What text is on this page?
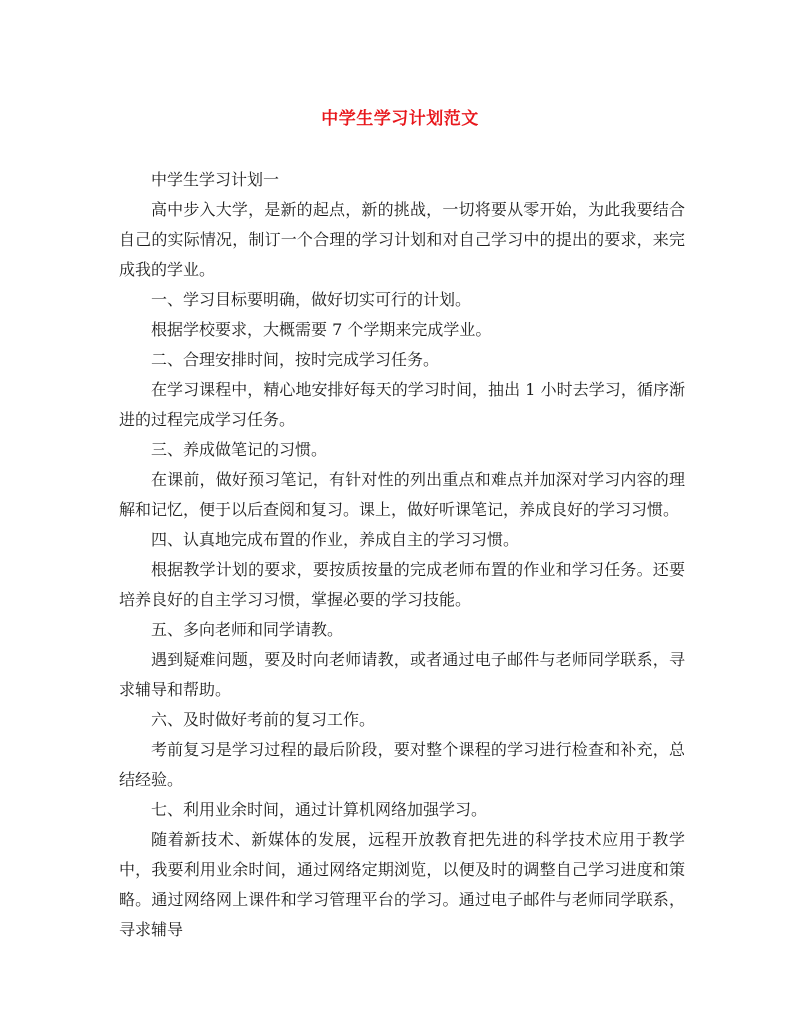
中学生学习计划范文

中学生学习计划一

高中步入大学，是新的起点，新的挑战，一切将要从零开始，为此我要结合自己的实际情况，制订一个合理的学习计划和对自己学习中的提出的要求，来完成我的学业。

一、学习目标要明确，做好切实可行的计划。

根据学校要求，大概需要 7 个学期来完成学业。

二、合理安排时间，按时完成学习任务。

在学习课程中，精心地安排好每天的学习时间，抽出 1 小时去学习，循序渐进的过程完成学习任务。

三、养成做笔记的习惯。

在课前，做好预习笔记，有针对性的列出重点和难点并加深对学习内容的理解和记忆，便于以后查阅和复习。课上，做好听课笔记，养成良好的学习习惯。

四、认真地完成布置的作业，养成自主的学习习惯。

根据教学计划的要求，要按质按量的完成老师布置的作业和学习任务。还要培养良好的自主学习习惯，掌握必要的学习技能。

五、多向老师和同学请教。

遇到疑难问题，要及时向老师请教，或者通过电子邮件与老师同学联系，寻求辅导和帮助。

六、及时做好考前的复习工作。

考前复习是学习过程的最后阶段，要对整个课程的学习进行检查和补充，总结经验。

七、利用业余时间，通过计算机网络加强学习。

随着新技术、新媒体的发展，远程开放教育把先进的科学技术应用于教学中，我要利用业余时间，通过网络定期浏览，以便及时的调整自己学习进度和策略。通过网络网上课件和学习管理平台的学习。通过电子邮件与老师同学联系，寻求辅导
